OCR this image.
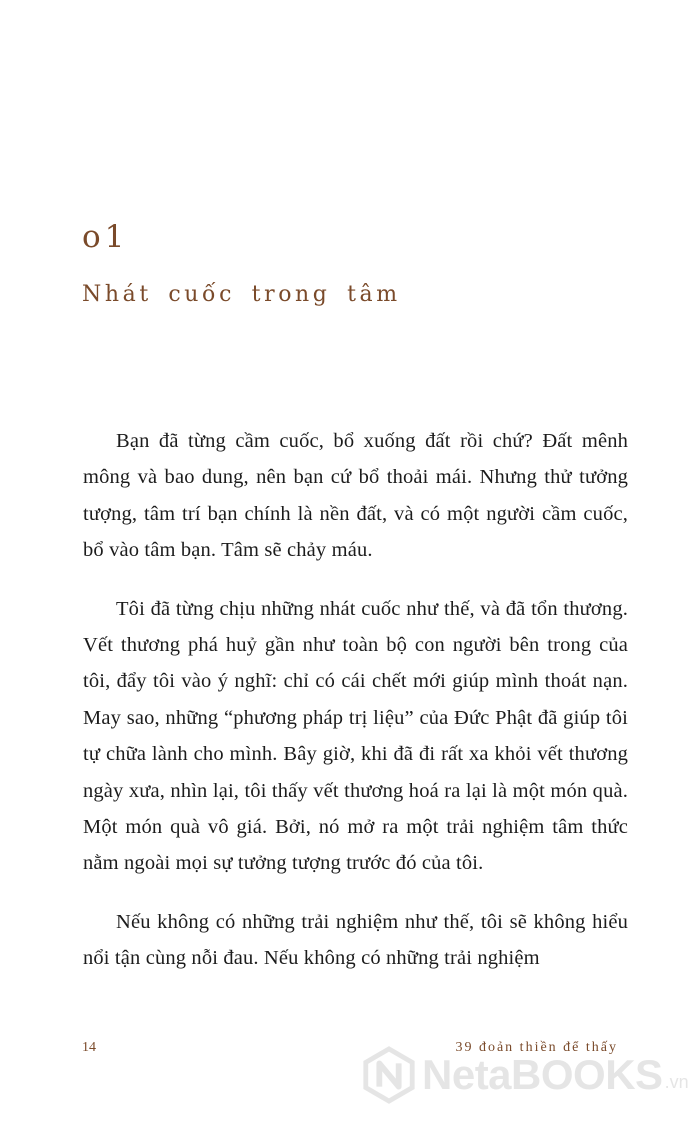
o1
Nhát cuốc trong tâm

Bạn đã từng cầm cuốc, bổ xuống đất rồi chứ? Đất mênh mông và bao dung, nên bạn cứ bổ thoải mái. Nhưng thử tưởng tượng, tâm trí bạn chính là nền đất, và có một người cầm cuốc, bổ vào tâm bạn. Tâm sẽ chảy máu.

Tôi đã từng chịu những nhát cuốc như thế, và đã tổn thương. Vết thương phá huỷ gần như toàn bộ con người bên trong của tôi, đẩy tôi vào ý nghĩ: chỉ có cái chết mới giúp mình thoát nạn. May sao, những “phương pháp trị liệu” của Đức Phật đã giúp tôi tự chữa lành cho mình. Bây giờ, khi đã đi rất xa khỏi vết thương ngày xưa, nhìn lại, tôi thấy vết thương hoá ra lại là một món quà. Một món quà vô giá. Bởi, nó mở ra một trải nghiệm tâm thức nằm ngoài mọi sự tưởng tượng trước đó của tôi.

Nếu không có những trải nghiệm như thế, tôi sẽ không hiểu nổi tận cùng nỗi đau. Nếu không có những trải nghiệm

14	39 đoản thiền để thấy
NetaBOOKS .vn
